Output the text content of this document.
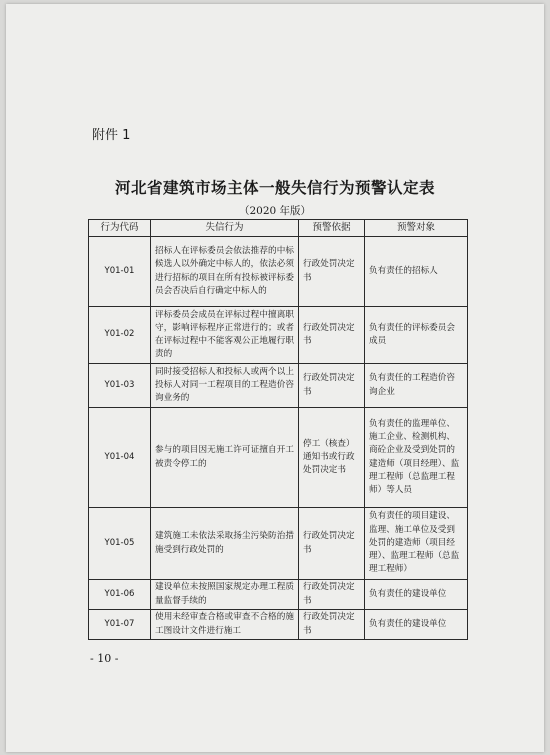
附件 1
河北省建筑市场主体一般失信行为预警认定表
（2020 年版）
行为代码	失信行为	预警依据	预警对象
Y01-01	招标人在评标委员会依法推荐的中标候选人以外确定中标人的，依法必须进行招标的项目在所有投标被评标委员会否决后自行确定中标人的	行政处罚决定书	负有责任的招标人
Y01-02	评标委员会成员在评标过程中擅离职守，影响评标程序正常进行的；或者在评标过程中不能客观公正地履行职责的	行政处罚决定书	负有责任的评标委员会成员
Y01-03	同时接受招标人和投标人或两个以上投标人对同一工程项目的工程造价咨询业务的	行政处罚决定书	负有责任的工程造价咨询企业
Y01-04	参与的项目因无施工许可证擅自开工被责令停工的	停工（核查）通知书或行政处罚决定书	负有责任的监理单位、施工企业、检测机构、商砼企业及受到处罚的建造师（项目经理）、监理工程师（总监理工程师）等人员
Y01-05	建筑施工未依法采取扬尘污染防治措施受到行政处罚的	行政处罚决定书	负有责任的项目建设、监理、施工单位及受到处罚的建造师（项目经理）、监理工程师（总监理工程师）
Y01-06	建设单位未按照国家规定办理工程质量监督手续的	行政处罚决定书	负有责任的建设单位
Y01-07	使用未经审查合格或审查不合格的施工图设计文件进行施工	行政处罚决定书	负有责任的建设单位
- 10 -
